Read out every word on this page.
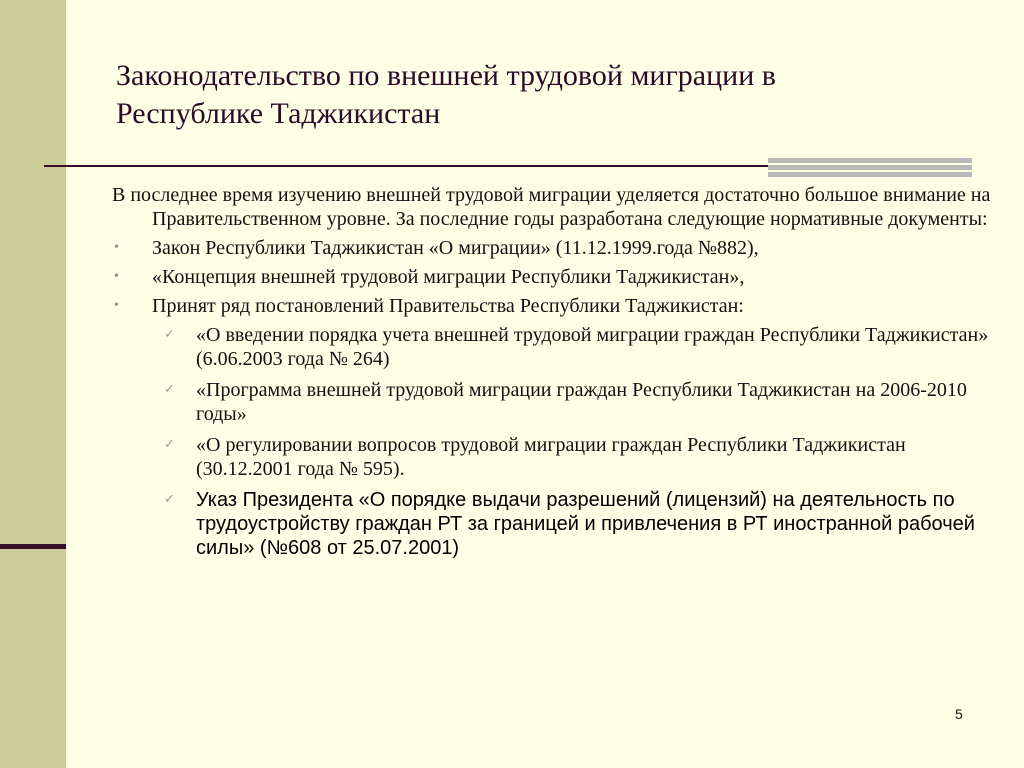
Законодательство по внешней трудовой миграции в
Республике Таджикистан

В последнее время изучению внешней трудовой миграции уделяется достаточно большое внимание на Правительственном уровне. За последние годы разработана следующие нормативные документы:

• Закон Республики Таджикистан «О миграции» (11.12.1999.года №882),
• «Концепция внешней трудовой миграции Республики Таджикистан»,
• Принят ряд постановлений Правительства Республики Таджикистан:
✓ «О введении порядка учета внешней трудовой миграции граждан Республики Таджикистан» (6.06.2003 года № 264)
✓ «Программа внешней трудовой миграции граждан Республики Таджикистан на 2006-2010 годы»
✓ «О регулировании вопросов трудовой миграции граждан Республики Таджикистан (30.12.2001 года № 595).
✓ Указ Президента «О порядке выдачи разрешений (лицензий) на деятельность по трудоустройству граждан РТ за границей и привлечения в РТ иностранной рабочей силы» (№608 от 25.07.2001)
5
